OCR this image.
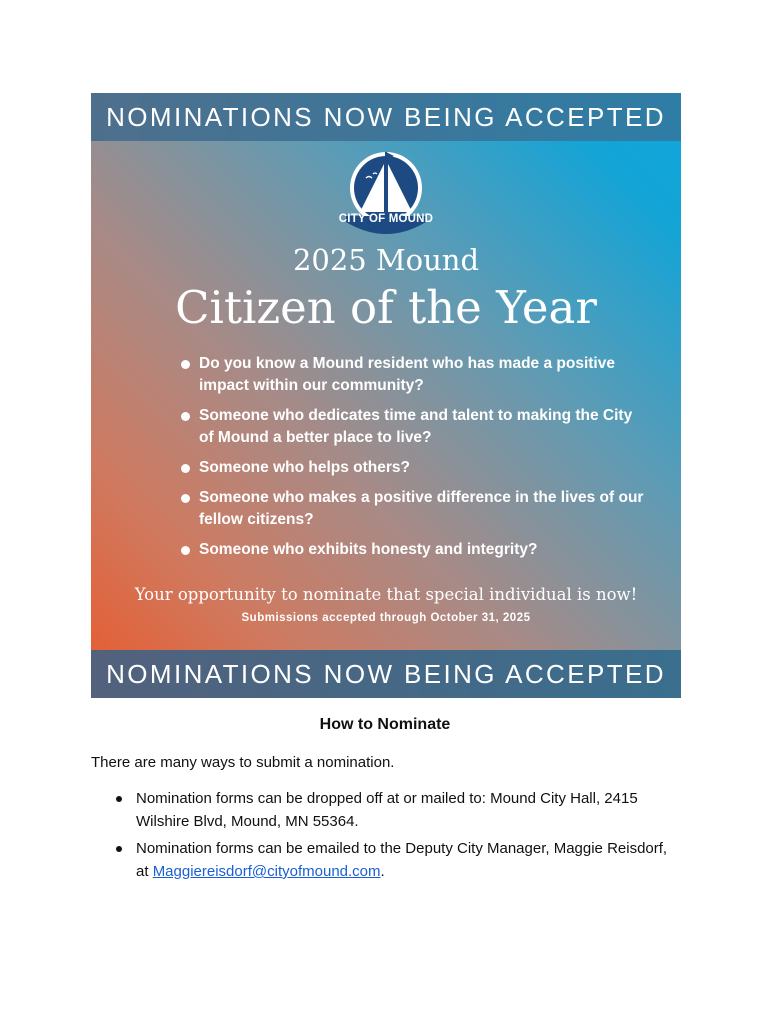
NOMINATIONS NOW BEING ACCEPTED
CITY OF MOUND
2025 Mound
Citizen of the Year
Do you know a Mound resident who has made a positive impact within our community?
Someone who dedicates time and talent to making the City of Mound a better place to live?
Someone who helps others?
Someone who makes a positive difference in the lives of our fellow citizens?
Someone who exhibits honesty and integrity?
Your opportunity to nominate that special individual is now!
Submissions accepted through October 31, 2025
NOMINATIONS NOW BEING ACCEPTED
How to Nominate
There are many ways to submit a nomination.
Nomination forms can be dropped off at or mailed to: Mound City Hall, 2415 Wilshire Blvd, Mound, MN 55364.
Nomination forms can be emailed to the Deputy City Manager, Maggie Reisdorf, at Maggiereisdorf@cityofmound.com.
